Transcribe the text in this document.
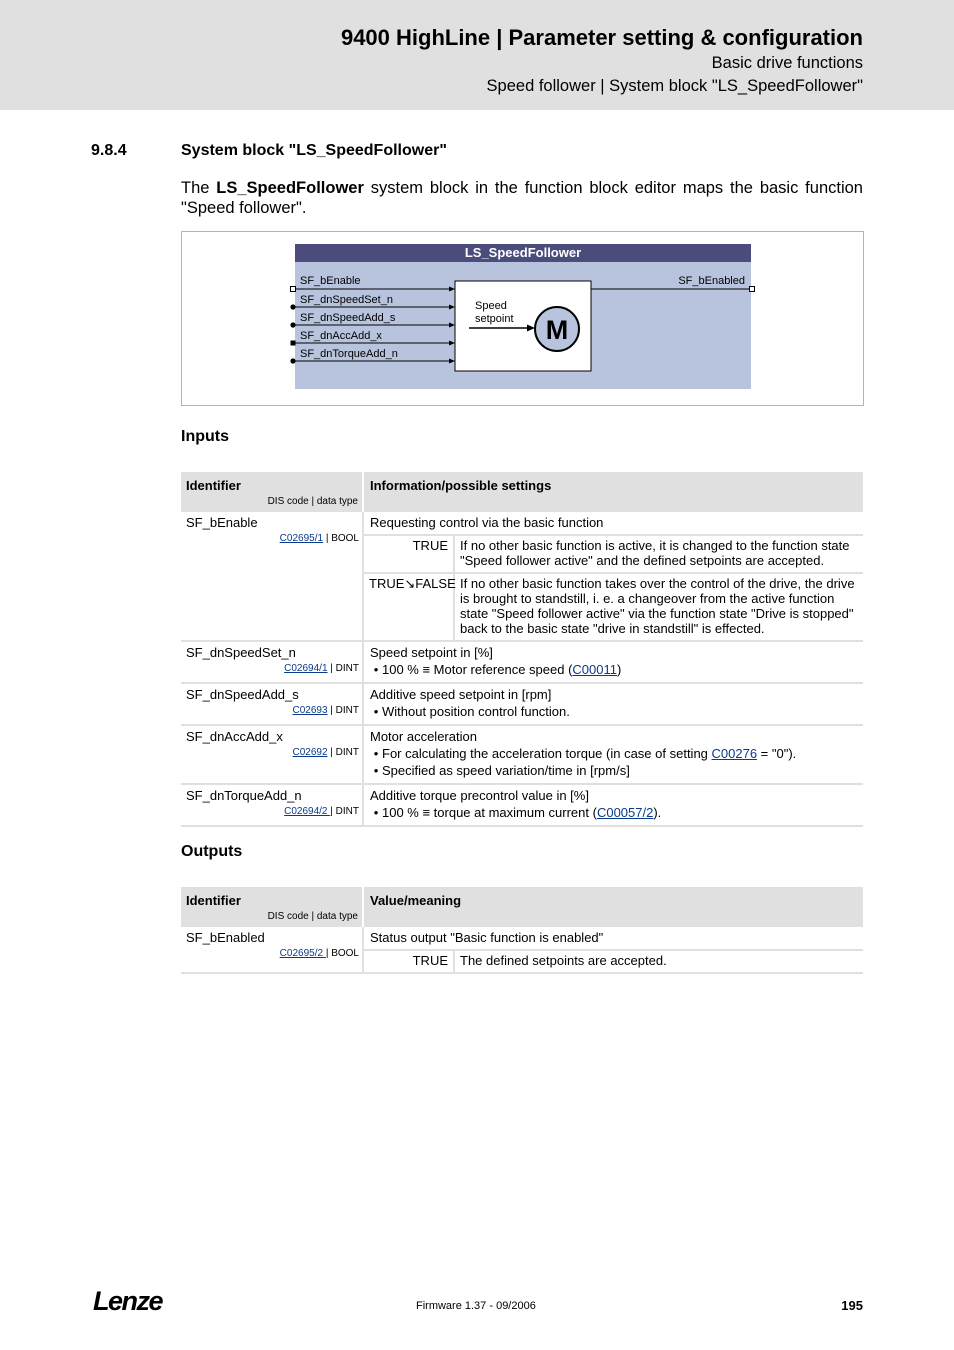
9400 HighLine | Parameter setting & configuration
Basic drive functions
Speed follower | System block "LS_SpeedFollower"
9.8.4	System block "LS_SpeedFollower"
The LS_SpeedFollower system block in the function block editor maps the basic function "Speed follower".
LS_SpeedFollower
SF_bEnable
SF_dnSpeedSet_n
SF_dnSpeedAdd_s
SF_dnAccAdd_x
SF_dnTorqueAdd_n
SF_bEnabled
Speed
setpoint M
Inputs
Identifier
DIS code | data type
	Information/possible settings

SF_bEnable
C02695/1 | BOOL

Requesting control via the basic function
TRUE	If no other basic function is active, it is changed to the function state "Speed follower active" and the defined setpoints are accepted.
TRUE↘FALSE	If no other basic function takes over the control of the drive, the drive is brought to standstill, i. e. a changeover from the active function state "Speed follower active" via the function state "Drive is stopped" back to the basic state "drive in standstill" is effected.

SF_dnSpeedSet_n
C02694/1 | DINT

Speed setpoint in [%]
• 100 % ≡ Motor reference speed (C00011)

SF_dnSpeedAdd_s
C02693 | DINT

Additive speed setpoint in [rpm]
• Without position control function.

SF_dnAccAdd_x
C02692 | DINT

Motor acceleration
• For calculating the acceleration torque (in case of setting C00276 = "0").
• Specified as speed variation/time in [rpm/s]

SF_dnTorqueAdd_n
C02694/2 | DINT

Additive torque precontrol value in [%]
• 100 % ≡ torque at maximum current (C00057/2).
Outputs
Identifier
DIS code | data type
	Value/meaning

SF_bEnabled
C02695/2 | BOOL

Status output "Basic function is enabled"
TRUE	The defined setpoints are accepted.
Lenze	Firmware 1.37 - 09/2006	195
